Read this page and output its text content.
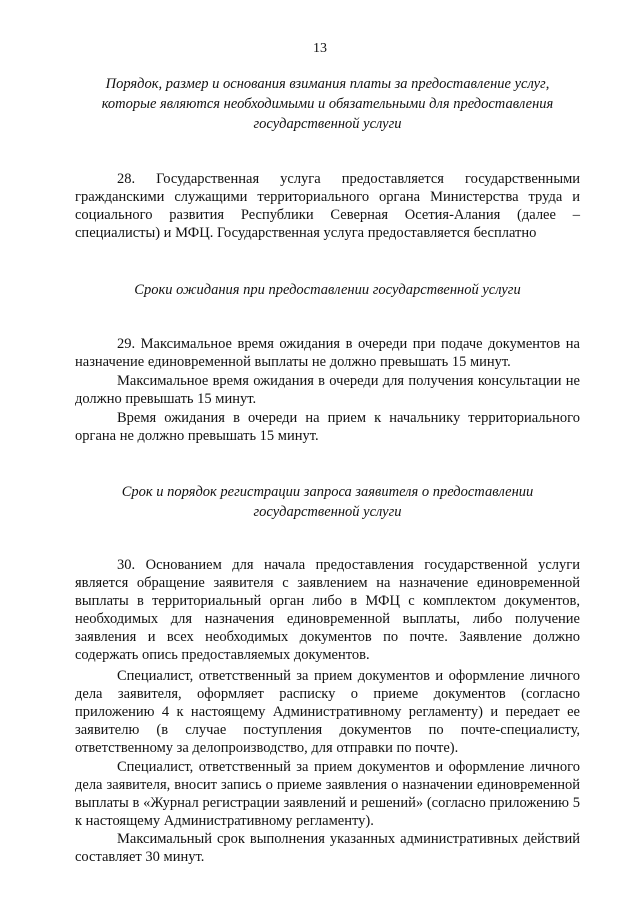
13
Порядок, размер и основания взимания платы за предоставление услуг,
которые являются необходимыми и обязательными для предоставления
государственной услуги

28. Государственная услуга предоставляется государственными гражданскими служащими территориального органа Министерства труда и социального развития Республики Северная Осетия-Алания (далее – специалисты) и МФЦ. Государственная услуга предоставляется бесплатно

Сроки ожидания при предоставлении государственной услуги

29. Максимальное время ожидания в очереди при подаче документов на назначение единовременной выплаты не должно превышать 15 минут.

Максимальное время ожидания в очереди для получения консультации не должно превышать 15 минут.

Время ожидания в очереди на прием к начальнику территориального органа не должно превышать 15 минут.

Срок и порядок регистрации запроса заявителя о предоставлении
государственной услуги

30. Основанием для начала предоставления государственной услуги является обращение заявителя с заявлением на назначение единовременной выплаты в территориальный орган либо в МФЦ с комплектом документов, необходимых для назначения единовременной выплаты, либо получение заявления и всех необходимых документов по почте. Заявление должно содержать опись предоставляемых документов.

Специалист, ответственный за прием документов и оформление личного дела заявителя, оформляет расписку о приеме документов (согласно приложению 4 к настоящему Административному регламенту) и передает ее заявителю (в случае поступления документов по почте-специалисту, ответственному за делопроизводство, для отправки по почте).

Специалист, ответственный за прием документов и оформление личного дела заявителя, вносит запись о приеме заявления о назначении единовременной выплаты в «Журнал регистрации заявлений и решений» (согласно приложению 5 к настоящему Административному регламенту).

Максимальный срок выполнения указанных административных действий составляет 30 минут.
